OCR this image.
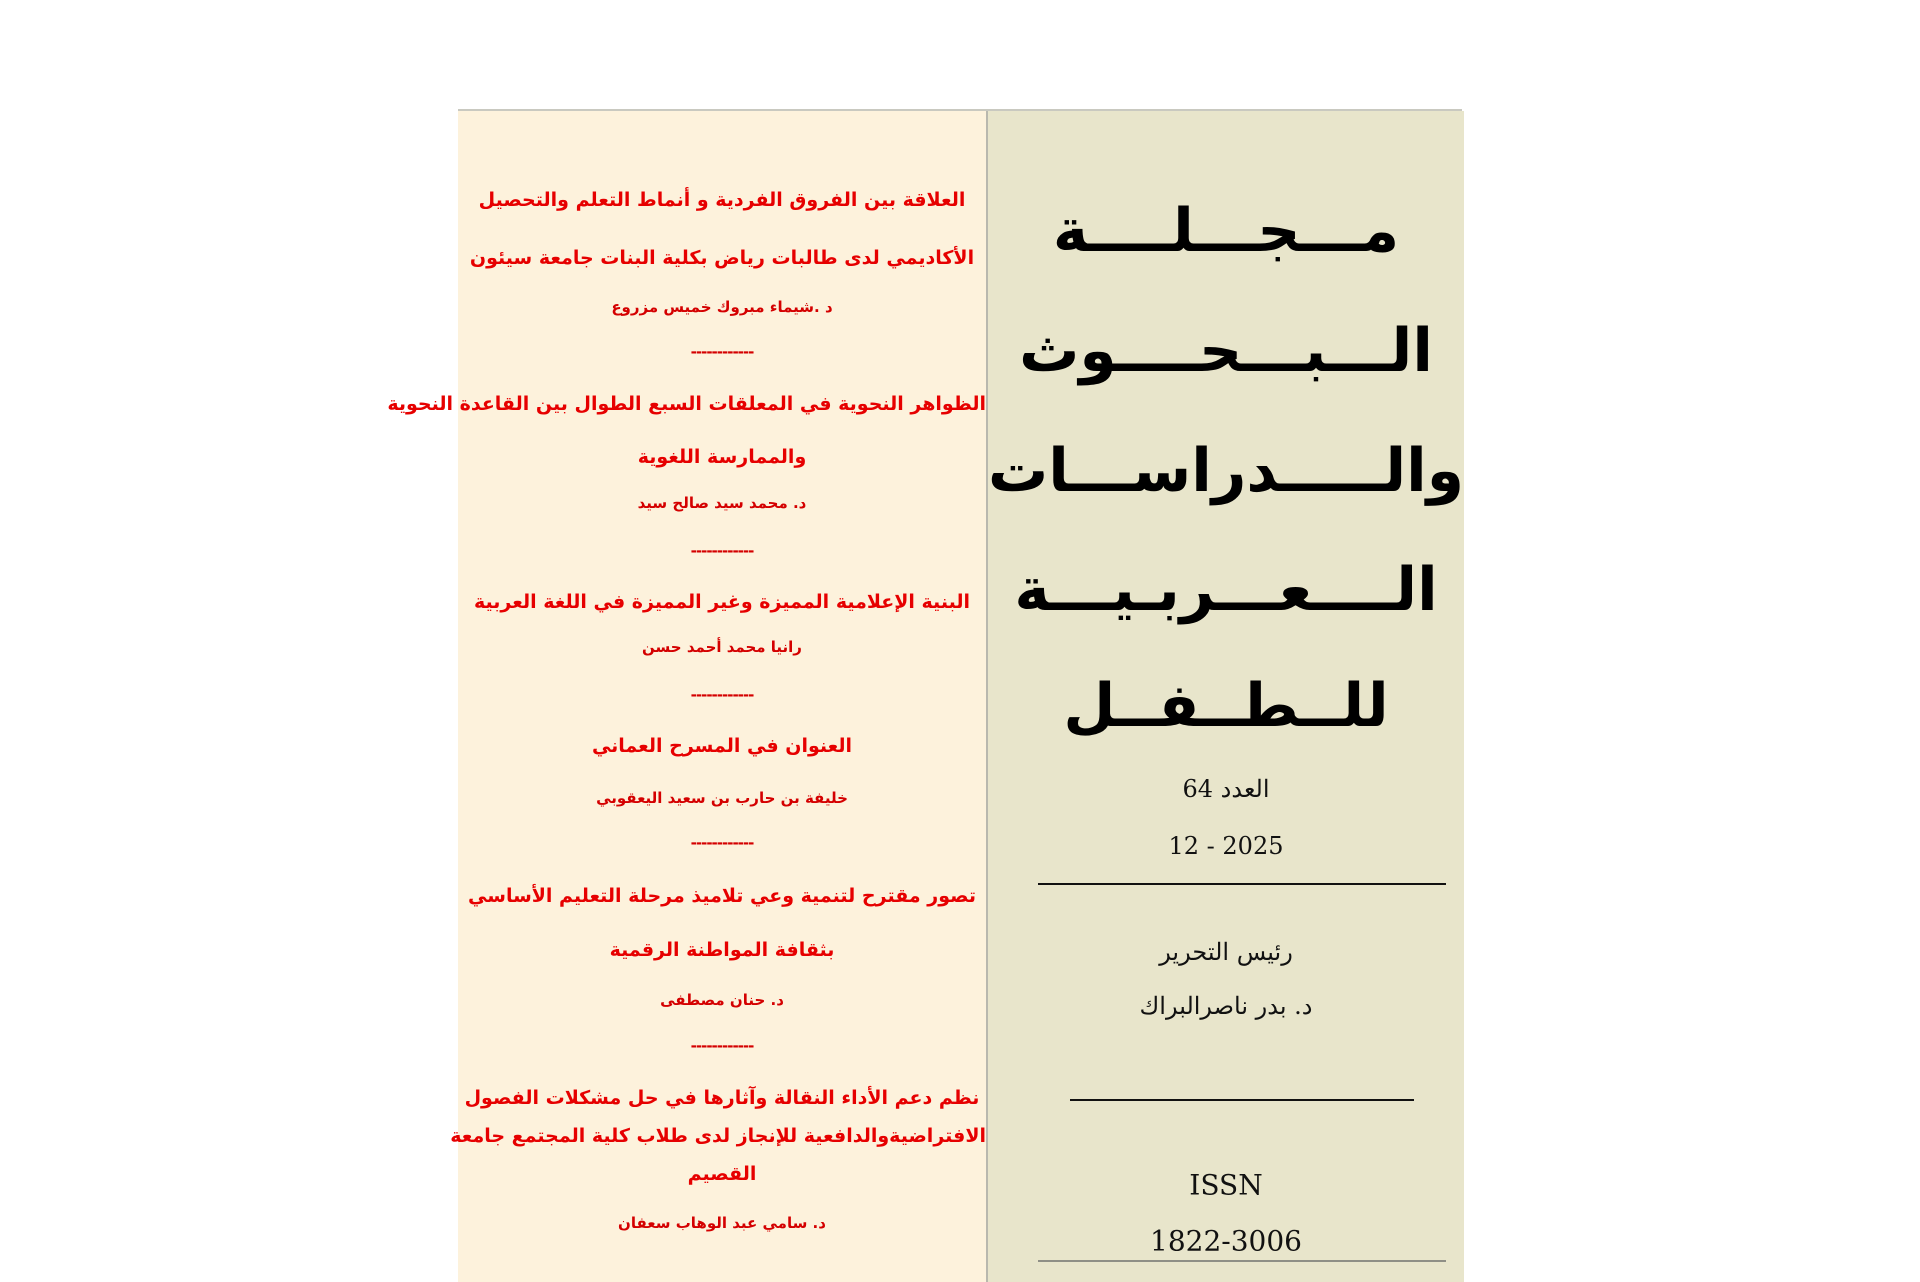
العلاقة بين الفروق الفردية و أنماط التعلم والتحصيل
الأكاديمي لدى طالبات رياض بكلية البنات جامعة سيئون
د .شيماء مبروك خميس مزروع
------------
الظواهر النحوية في المعلقات السبع الطوال بين القاعدة النحوية
والممارسة اللغوية
د. محمد سيد صالح سيد
------------
البنية الإعلامية المميزة وغير المميزة في اللغة العربية
رانيا محمد أحمد حسن
------------
العنوان في المسرح العماني
خليفة بن حارب بن سعيد اليعقوبي
------------
تصور مقترح لتنمية وعي تلاميذ مرحلة التعليم الأساسي
بثقافة المواطنة الرقمية
د. حنان مصطفى
------------
نظم دعم الأداء النقالة وآثارها في حل مشكلات الفصول
الافتراضيةوالدافعية للإنجاز لدى طلاب كلية المجتمع جامعة
القصيم
د. سامي عبد الوهاب سعفان
مـــجـــلــــة
الـــبـــحــــوث
والـــــدراســـات
الــــعـــربـيـــة
للــطــفــل
العدد 64
12 - 2025
رئيس التحرير
د. بدر ناصرالبراك
ISSN
1822-3006
